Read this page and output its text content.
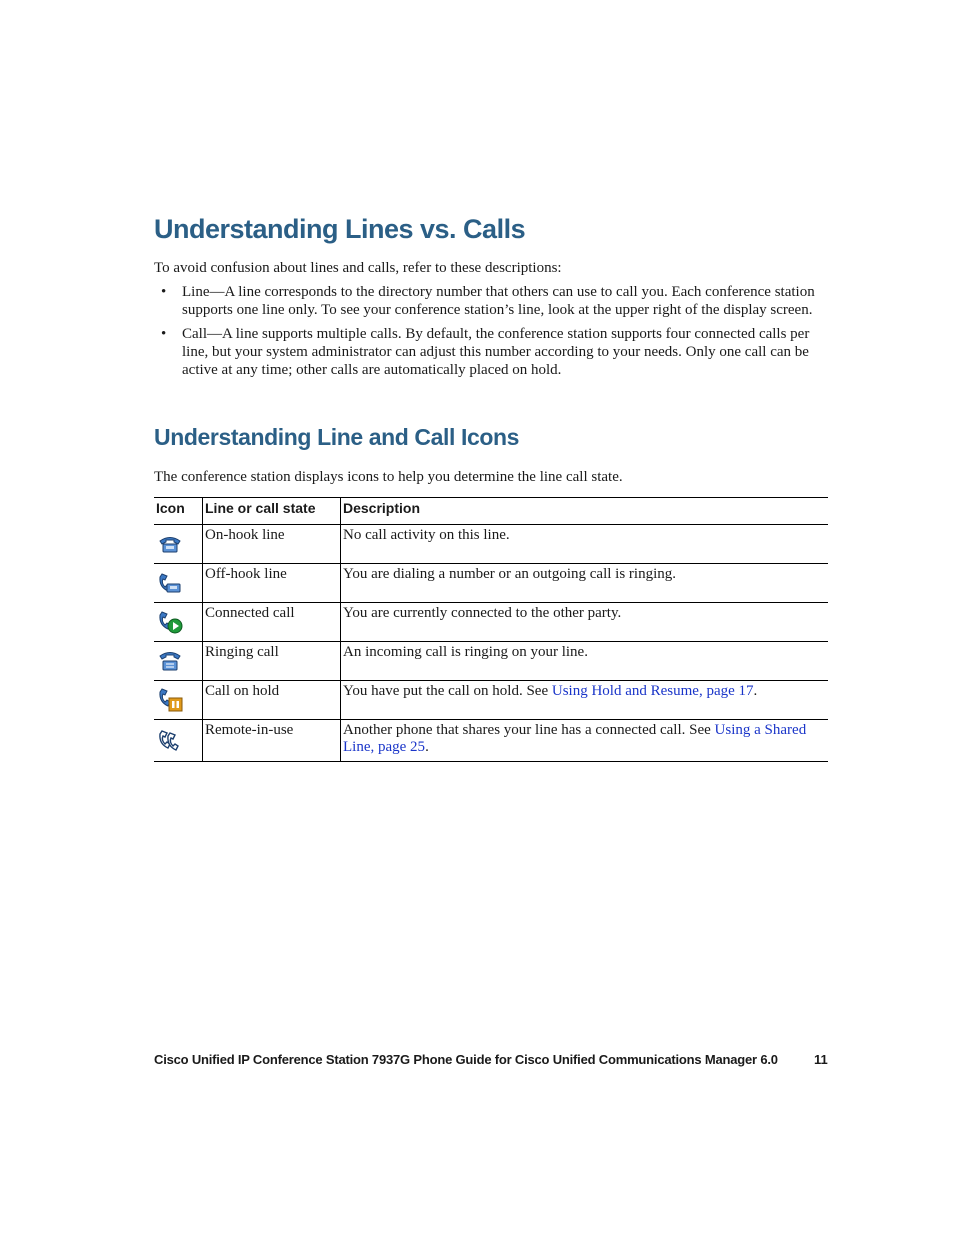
Understanding Lines vs. Calls

To avoid confusion about lines and calls, refer to these descriptions:

• Line—A line corresponds to the directory number that others can use to call you. Each conference station supports one line only. To see your conference station’s line, look at the upper right of the display screen.
• Call—A line supports multiple calls. By default, the conference station supports four connected calls per line, but your system administrator can adjust this number according to your needs. Only one call can be active at any time; other calls are automatically placed on hold.
Understanding Line and Call Icons

The conference station displays icons to help you determine the line call state.

Icon	Line or call state	Description

	On-hook line	No call activity on this line.

	Off-hook line	You are dialing a number or an outgoing call is ringing.

	Connected call	You are currently connected to the other party.

	Ringing call	An incoming call is ringing on your line.

	Call on hold	You have put the call on hold. See Using Hold and Resume, page 17.

	Remote-in-use	Another phone that shares your line has a connected call. See Using a Shared Line, page 25.
Cisco Unified IP Conference Station 7937G Phone Guide for Cisco Unified Communications Manager 6.0	11
